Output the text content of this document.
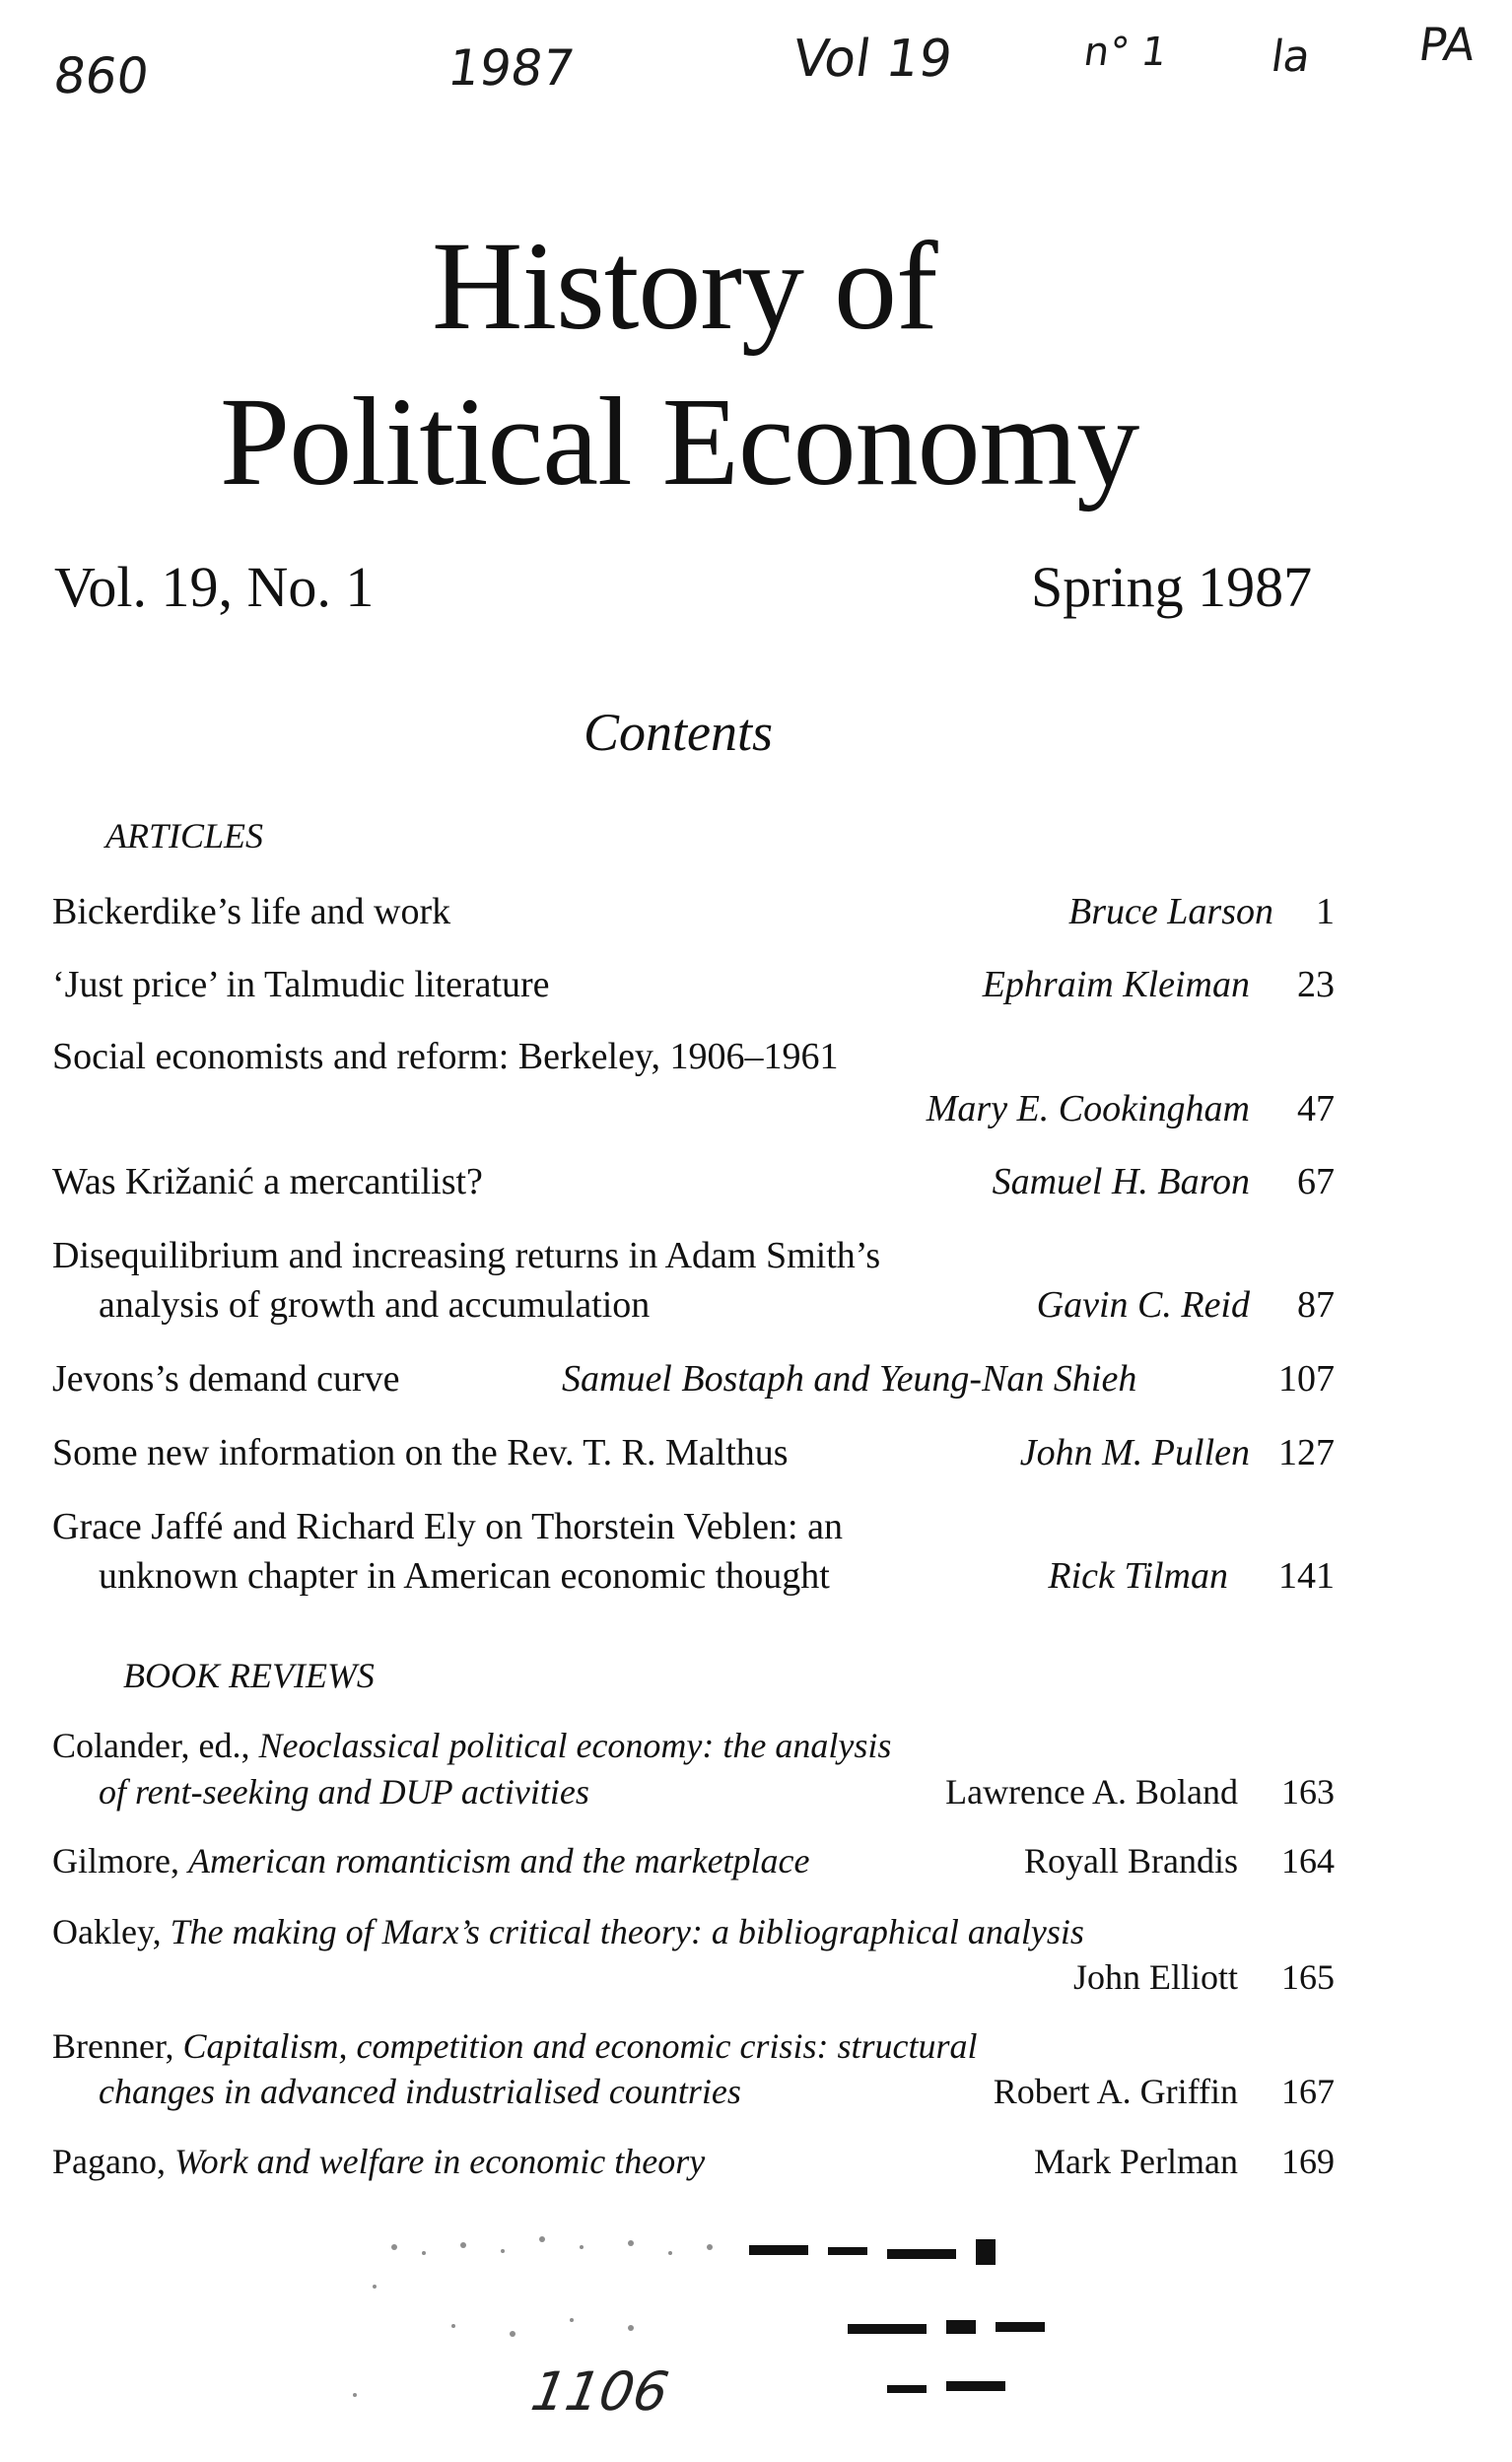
860	1987	Vol 19	n° 1 la PA
History of
Political Economy
Vol. 19, No. 1	Spring 1987
Contents
ARTICLES
Bickerdike’s life and work	Bruce Larson	1
‘Just price’ in Talmudic literature	Ephraim Kleiman	23
Social economists and reform: Berkeley, 1906–1961
Mary E. Cookingham	47
Was Križanić a mercantilist?	Samuel H. Baron	67
Disequilibrium and increasing returns in Adam Smith’s
analysis of growth and accumulation	Gavin C. Reid	87
Jevons’s demand curve	Samuel Bostaph and Yeung-Nan Shieh	107
Some new information on the Rev. T. R. Malthus	John M. Pullen 127
Grace Jaffé and Richard Ely on Thorstein Veblen: an
unknown chapter in American economic thought	Rick Tilman	141
BOOK REVIEWS
Colander, ed., Neoclassical political economy: the analysis
of rent-seeking and DUP activities	Lawrence A. Boland	163
Gilmore, American romanticism and the marketplace	Royall Brandis	164
Oakley, The making of Marx’s critical theory: a bibliographical analysis
John Elliott	165
Brenner, Capitalism, competition and economic crisis: structural
changes in advanced industrialised countries	Robert A. Griffin	167
Pagano, Work and welfare in economic theory	Mark Perlman	169
1106
